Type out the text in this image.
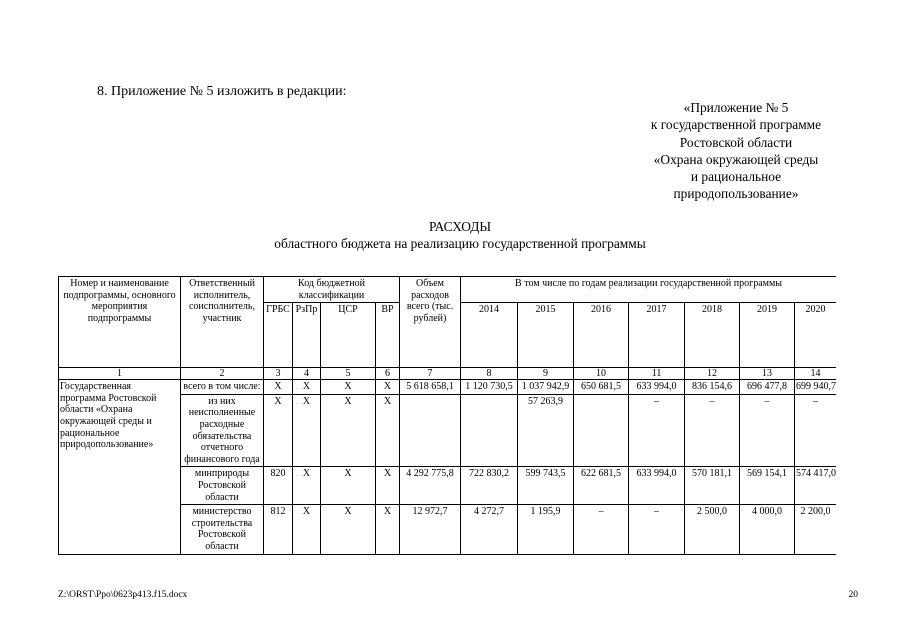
8. Приложение № 5 изложить в редакции:
«Приложение № 5
к государственной программе
Ростовской области
«Охрана окружающей среды
и рациональное
природопользование»
РАСХОДЫ
областного бюджета на реализацию государственной программы
Номер и наименование подпрограммы, основного мероприятия подпрограммы	Ответственный исполнитель, соисполнитель, участник	Код бюджетной классификации				Объем расходов всего (тыс. рублей)	В том числе по годам реализации государственной программы						
		ГРБС	РзПр	ЦСР	ВР		2014	2015	2016	2017	2018	2019	2020
1	2	3	4	5	6	7	8	9	10	11	12	13	14
Государственная программа Ростовской области «Охрана окружающей среды и рациональное природопользование»	всего в том числе:	Х	Х	Х	Х	5 618 658,1	1 120 730,5	1 037 942,9	650 681,5	633 994,0	836 154,6	696 477,8	699 940,7
	из них неисполненные расходные обязательства отчетного финансового года	Х	Х	Х	Х			57 263,9		–	–	–	–
	минприроды Ростовской области	820	Х	Х	Х	4 292 775,8	722 830,2	599 743,5	622 681,5	633 994,0	570 181,1	569 154,1	574 417,0
	министерство строительства Ростовской области	812	Х	Х	Х	12 972,7	4 272,7	1 195,9	–	–	2 500,0	4 000,0	2 200,0
Z:\ORST\Ppo\0623p413.f15.docx	20
